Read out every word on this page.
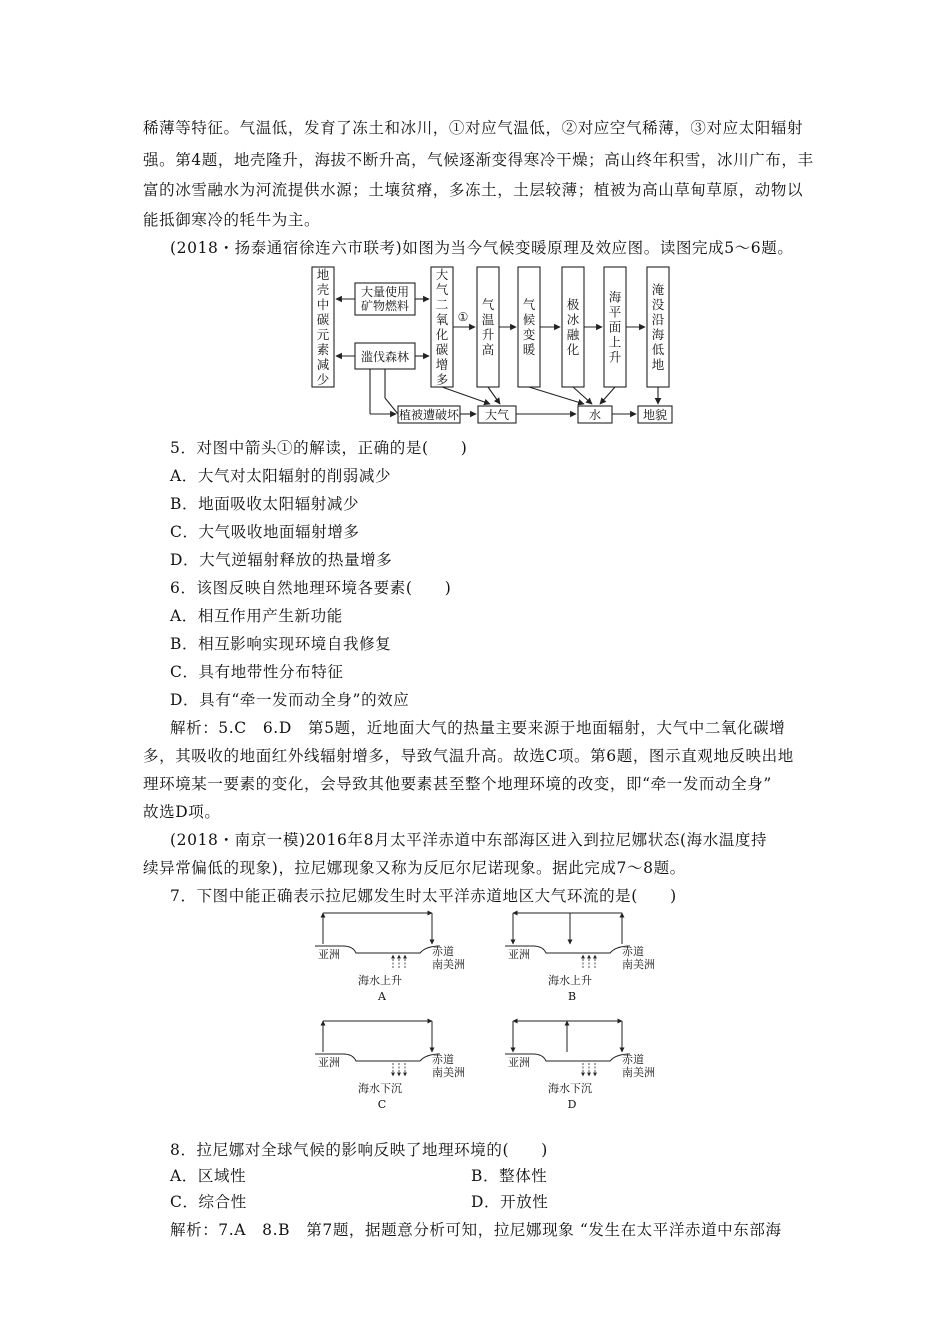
稀薄等特征。气温低，发育了冻土和冰川，①对应气温低，②对应空气稀薄，③对应太阳辐射
强。第4题，地壳隆升，海拔不断升高，气候逐渐变得寒冷干燥；高山终年积雪，冰川广布，丰
富的冰雪融水为河流提供水源；土壤贫瘠，多冻土，土层较薄；植被为高山草甸草原，动物以
能抵御寒冷的牦牛为主。
(2018・扬泰通宿徐连六市联考)如图为当今气候变暖原理及效应图。读图完成5～6题。
大量使用矿物燃料
滥伐森林
地壳中碳元素减少
大气二氧化碳增多
气温升高
气候变暖
极冰融化
海平面上升
淹没沿海低地
①
植被遭破坏 大气	水	地貌
5．对图中箭头①的解读，正确的是(　　)
A．大气对太阳辐射的削弱减少
B．地面吸收太阳辐射减少
C．大气吸收地面辐射增多
D．大气逆辐射释放的热量增多
6．该图反映自然地理环境各要素(　　)
A．相互作用产生新功能
B．相互影响实现环境自我修复
C．具有地带性分布特征
D．具有“牵一发而动全身”的效应
解析：5.C　6.D　第5题，近地面大气的热量主要来源于地面辐射，大气中二氧化碳增
多，其吸收的地面红外线辐射增多，导致气温升高。故选C项。第6题，图示直观地反映出地
理环境某一要素的变化，会导致其他要素甚至整个地理环境的改变，即“牵一发而动全身”
故选D项。
(2018・南京一模)2016年8月太平洋赤道中东部海区进入到拉尼娜状态(海水温度持
续异常偏低的现象)，拉尼娜现象又称为反厄尔尼诺现象。据此完成7～8题。
7．下图中能正确表示拉尼娜发生时太平洋赤道地区大气环流的是(　　)
亚洲	赤道
南美洲
海水上升
A
亚洲	赤道
南美洲
海水上升
B
亚洲	赤道
南美洲
海水下沉
C
亚洲	赤道
南美洲
海水下沉
D
8．拉尼娜对全球气候的影响反映了地理环境的(　　)
A．区域性	B．整体性
C．综合性	D．开放性
解析：7.A　8.B　第7题，据题意分析可知，拉尼娜现象 “发生在太平洋赤道中东部海
